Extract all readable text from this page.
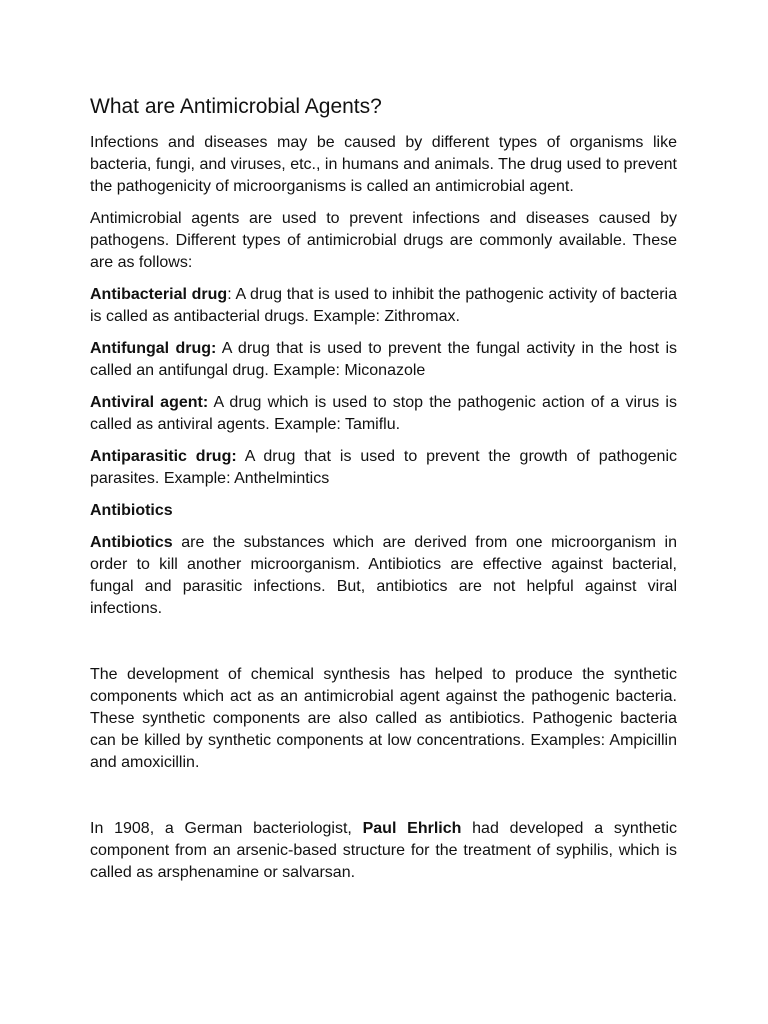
What are Antimicrobial Agents?

Infections and diseases may be caused by different types of organisms like bacteria, fungi, and viruses, etc., in humans and animals. The drug used to prevent the pathogenicity of microorganisms is called an antimicrobial agent.

Antimicrobial agents are used to prevent infections and diseases caused by pathogens. Different types of antimicrobial drugs are commonly available. These are as follows:

Antibacterial drug: A drug that is used to inhibit the pathogenic activity of bacteria is called as antibacterial drugs. Example: Zithromax.

Antifungal drug: A drug that is used to prevent the fungal activity in the host is called an antifungal drug. Example: Miconazole

Antiviral agent: A drug which is used to stop the pathogenic action of a virus is called as antiviral agents. Example: Tamiflu.

Antiparasitic drug: A drug that is used to prevent the growth of pathogenic parasites. Example: Anthelmintics

Antibiotics

Antibiotics are the substances which are derived from one microorganism in order to kill another microorganism. Antibiotics are effective against bacterial, fungal and parasitic infections. But, antibiotics are not helpful against viral infections.

The development of chemical synthesis has helped to produce the synthetic components which act as an antimicrobial agent against the pathogenic bacteria. These synthetic components are also called as antibiotics. Pathogenic bacteria can be killed by synthetic components at low concentrations. Examples: Ampicillin and amoxicillin.

In 1908, a German bacteriologist, Paul Ehrlich had developed a synthetic component from an arsenic-based structure for the treatment of syphilis, which is called as arsphenamine or salvarsan.
